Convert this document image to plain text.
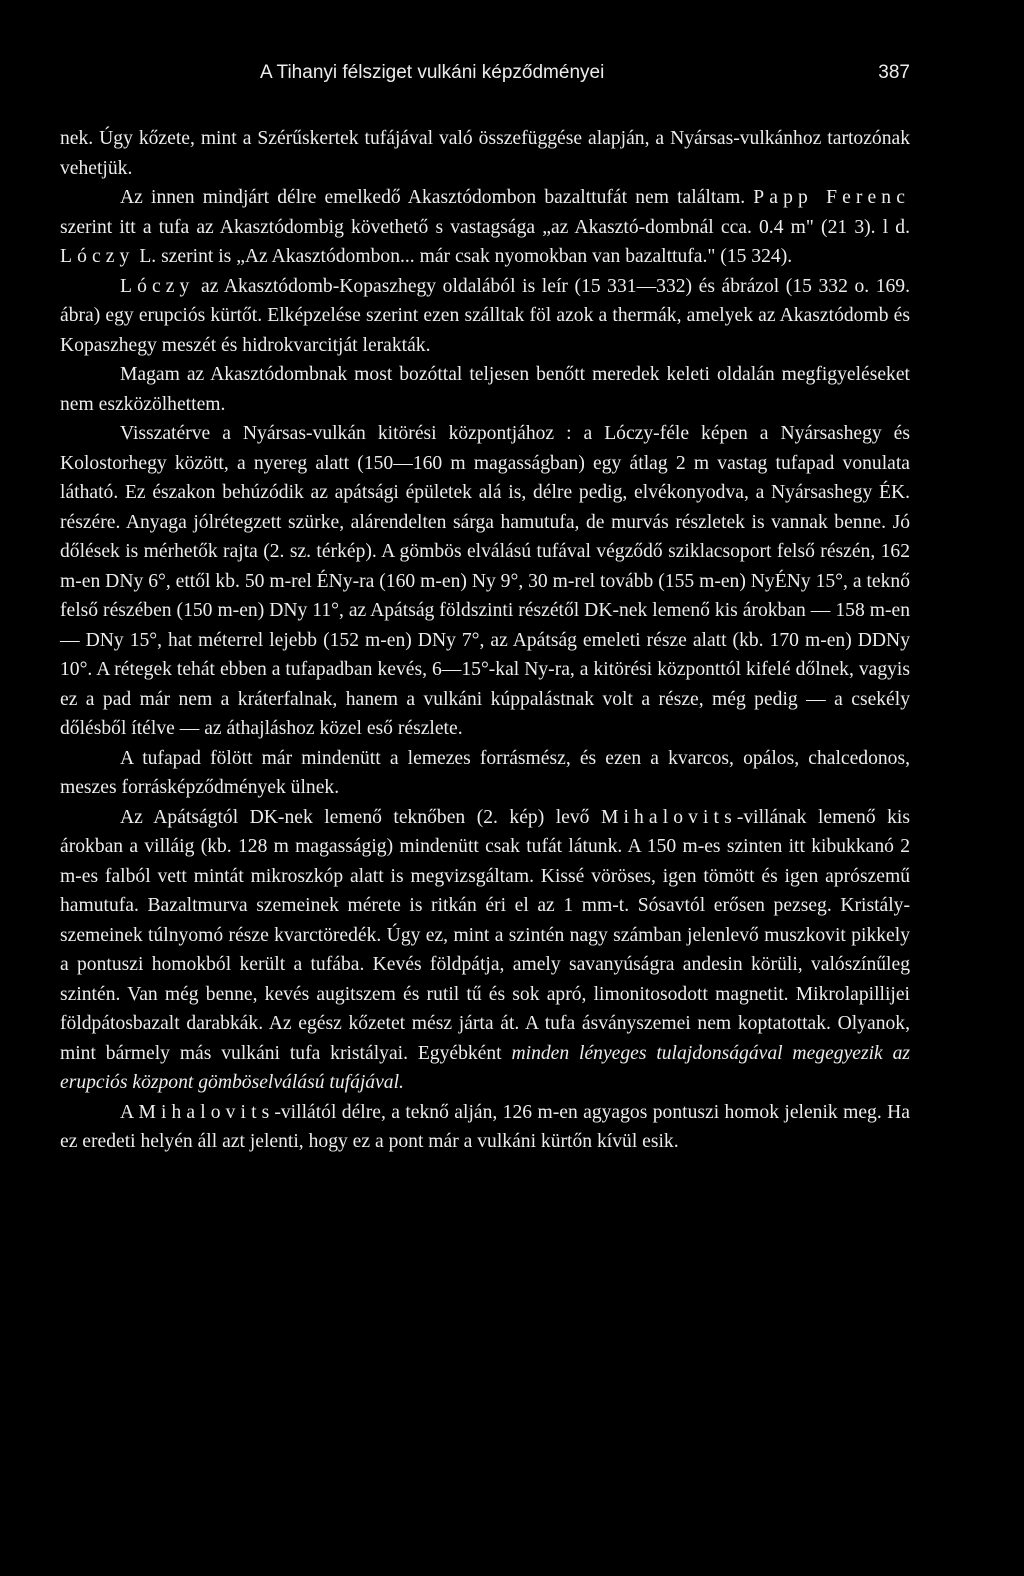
A Tihanyi félsziget vulkáni képződményei	387

nek. Úgy kőzete, mint a Szérűskertek tufájával való összefüggése alapján, a Nyársas-vulkánhoz tartozónak vehetjük.

Az innen mindjárt délre emelkedő Akasztódombon bazalttufát nem találtam. Papp Ferenc szerint itt a tufa az Akasztódombig követhető s vastagsága „az Akasztó-dombnál cca. 0.4 m" (21 3). l d. Lóczy L. szerint is „Az Akasztódombon... már csak nyomokban van bazalttufa." (15 324).

Lóczy az Akasztódomb-Kopaszhegy oldalából is leír (15 331—332) és ábrázol (15 332 o. 169. ábra) egy erupciós kürtőt. Elképzelése szerint ezen szálltak föl azok a thermák, amelyek az Akasztódomb és Kopaszhegy meszét és hidrokvarcitját lerakták.

Magam az Akasztódombnak most bozóttal teljesen benőtt meredek keleti oldalán megfigyeléseket nem eszközölhettem.

Visszatérve a Nyársas-vulkán kitörési központjához : a Lóczy-féle képen a Nyársashegy és Kolostorhegy között, a nyereg alatt (150—160 m magasságban) egy átlag 2 m vastag tufapad vonulata látható. Ez északon behúzódik az apátsági épületek alá is, délre pedig, elvékonyodva, a Nyársashegy ÉK. részére. Anyaga jólrétegzett szürke, alárendelten sárga hamutufa, de murvás részletek is vannak benne. Jó dőlések is mérhetők rajta (2. sz. térkép). A gömbös elválású tufával végződő sziklacsoport felső részén, 162 m-en DNy 6°, ettől kb. 50 m-rel ÉNy-ra (160 m-en) Ny 9°, 30 m-rel tovább (155 m-en) NyÉNy 15°, a teknő felső részében (150 m-en) DNy 11°, az Apátság földszinti részétől DK-nek lemenő kis árokban — 158 m-en — DNy 15°, hat méterrel lejebb (152 m-en) DNy 7°, az Apátság emeleti része alatt (kb. 170 m-en) DDNy 10°. A rétegek tehát ebben a tufapadban kevés, 6—15°-kal Ny-ra, a kitörési központtól kifelé dőlnek, vagyis ez a pad már nem a kráterfalnak, hanem a vulkáni kúppalástnak volt a része, még pedig — a csekély dőlésből ítélve — az áthajláshoz közel eső részlete.

A tufapad fölött már mindenütt a lemezes forrásmész, és ezen a kvarcos, opálos, chalcedonos, meszes forrásképződmények ülnek.

Az Apátságtól DK-nek lemenő teknőben (2. kép) levő Mihalovits-villának lemenő kis árokban a villáig (kb. 128 m magasságig) mindenütt csak tufát látunk. A 150 m-es szinten itt kibukkanó 2 m-es falból vett mintát mikroszkóp alatt is megvizsgáltam. Kissé vöröses, igen tömött és igen aprószemű hamutufa. Bazaltmurva szemeinek mérete is ritkán éri el az 1 mm-t. Sósavtól erősen pezseg. Kristály-szemeinek túlnyomó része kvarctöredék. Úgy ez, mint a szintén nagy számban jelenlevő muszkovit pikkely a pontuszi homokból került a tufába. Kevés földpátja, amely savanyúságra andesin körüli, valószínűleg szintén. Van még benne, kevés augitszem és rutil tű és sok apró, limonitosodott magnetit. Mikrolapillijei földpátosbazalt darabkák. Az egész kőzetet mész járta át. A tufa ásványszemei nem koptatottak. Olyanok, mint bármely más vulkáni tufa kristályai. Egyébként minden lényeges tulajdonságával megegyezik az erupciós központ gömböselválású tufájával.

A Mihalovits-villától délre, a teknő alján, 126 m-en agyagos pontuszi homok jelenik meg. Ha ez eredeti helyén áll azt jelenti, hogy ez a pont már a vulkáni kürtőn kívül esik.
